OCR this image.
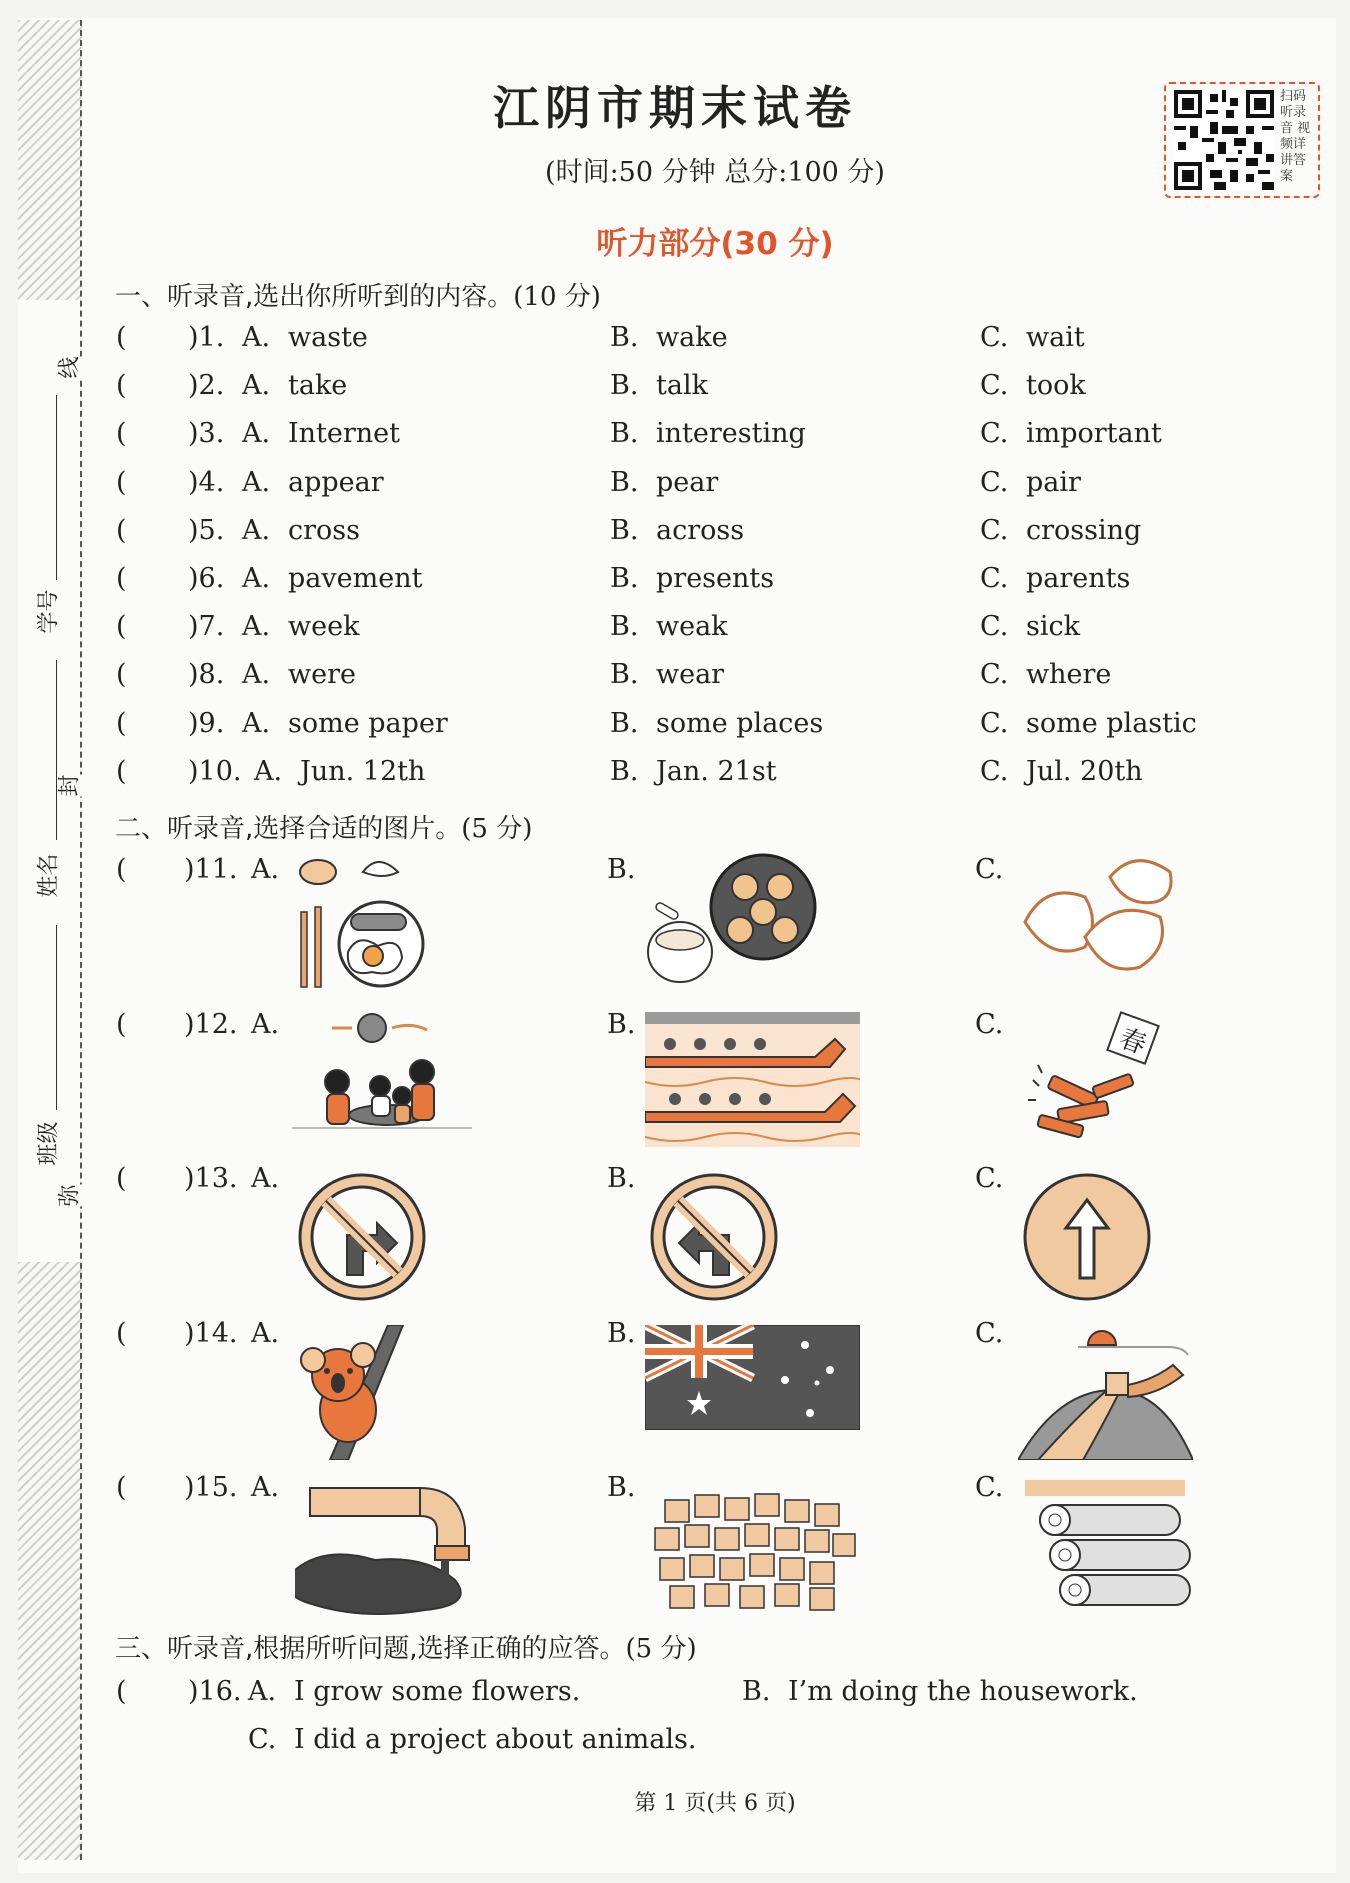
线
封
弥
学号
姓名
班级
江阴市期末试卷
(时间:50 分钟 总分:100 分)
听力部分(30 分)
扫码听录音 视频详讲答案
一、听录音,选出你所听到的内容。(10 分)
( )1. A. waste	B. wake	C. wait
( )2. A. take	B. talk	C. took
( )3. A. Internet	B. interesting	C. important
( )4. A. appear	B. pear	C. pair
( )5. A. cross	B. across	C. crossing
( )6. A. pavement	B. presents	C. parents
( )7. A. week	B. weak	C. sick
( )8. A. were	B. wear	C. where
( )9. A. some paper	B. some places	C. some plastic
( )10. A. Jun. 12th	B. Jan. 21st	C. Jul. 20th
二、听录音,选择合适的图片。(5 分)
( )11. A.	B.	C.
( )12. A.	B.	C.
( )13. A.	B.	C.
( )14. A.	B.	C.
( )15. A.	B.	C.
春
三、听录音,根据所听问题,选择正确的应答。(5 分)
( )16. A. I grow some flowers.	B. I’m doing the housework.
C. I did a project about animals.
第 1 页(共 6 页)
